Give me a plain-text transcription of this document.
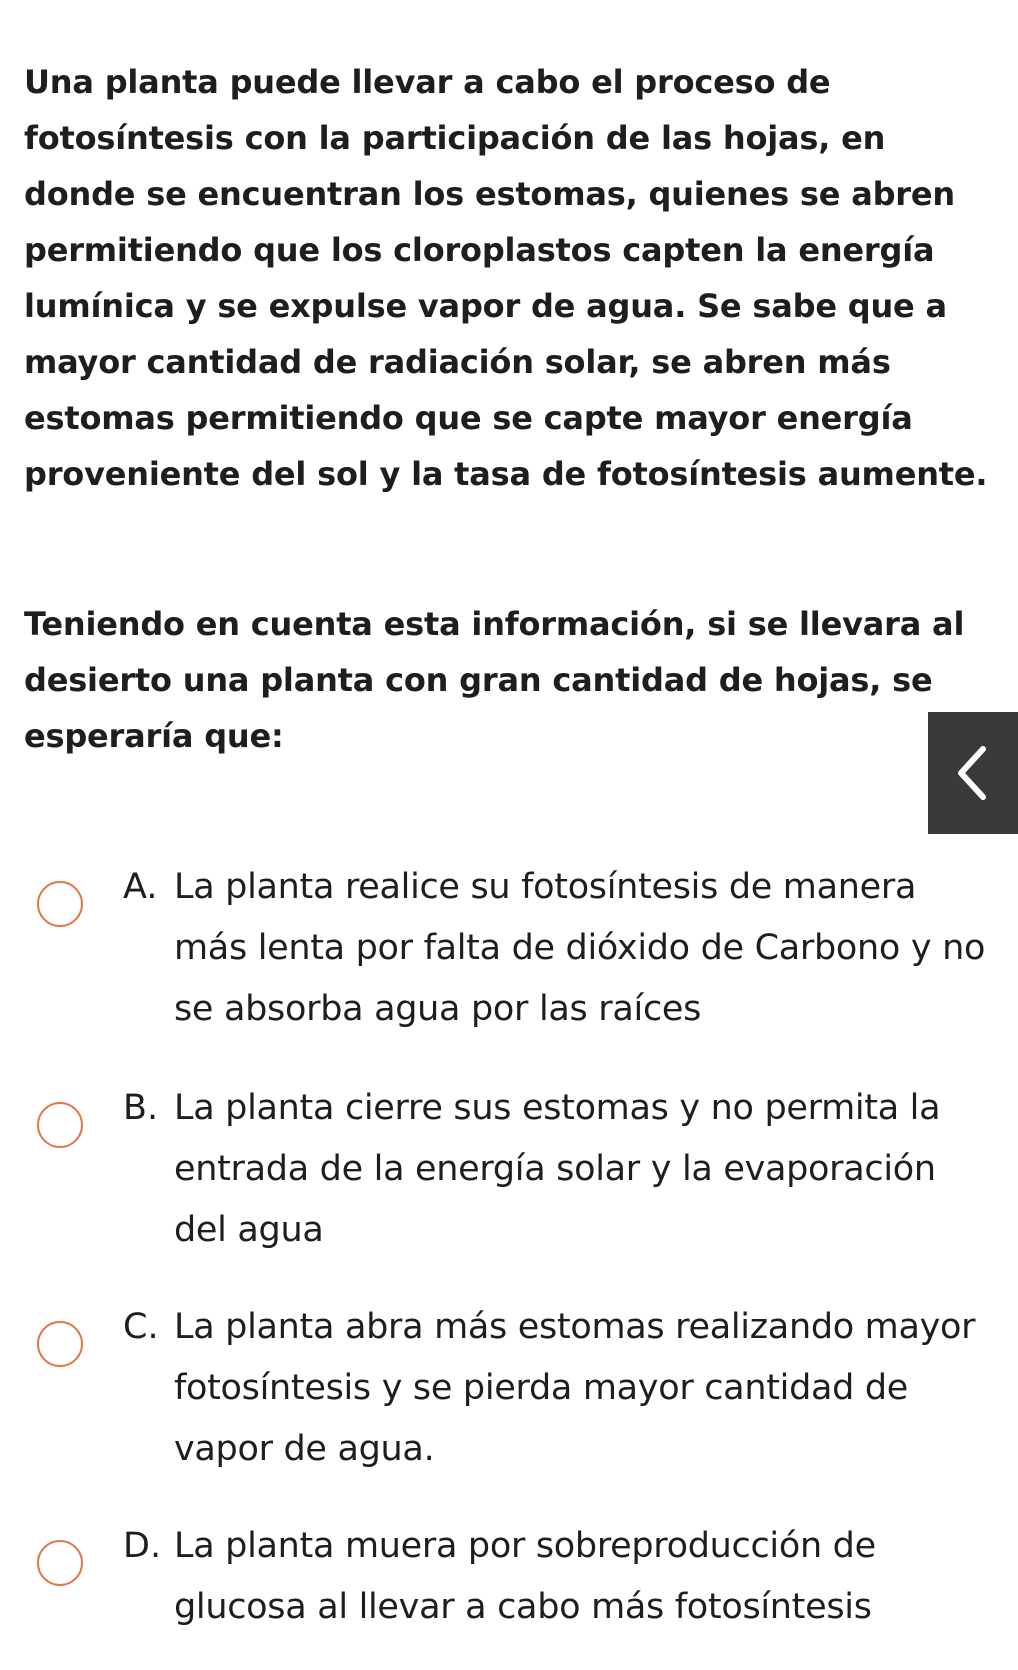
Una planta puede llevar a cabo el proceso de fotosíntesis con la participación de las hojas, en donde se encuentran los estomas, quienes se abren permitiendo que los cloroplastos capten la energía lumínica y se expulse vapor de agua. Se sabe que a mayor cantidad de radiación solar, se abren más estomas permitiendo que se capte mayor energía proveniente del sol y la tasa de fotosíntesis aumente.

Teniendo en cuenta esta información, si se llevara al desierto una planta con gran cantidad de hojas, se esperaría que:

A. La planta realice su fotosíntesis de manera más lenta por falta de dióxido de Carbono y no se absorba agua por las raíces
B. La planta cierre sus estomas y no permita la entrada de la energía solar y la evaporación del agua
C. La planta abra más estomas realizando mayor fotosíntesis y se pierda mayor cantidad de vapor de agua.
D. La planta muera por sobreproducción de glucosa al llevar a cabo más fotosíntesis
